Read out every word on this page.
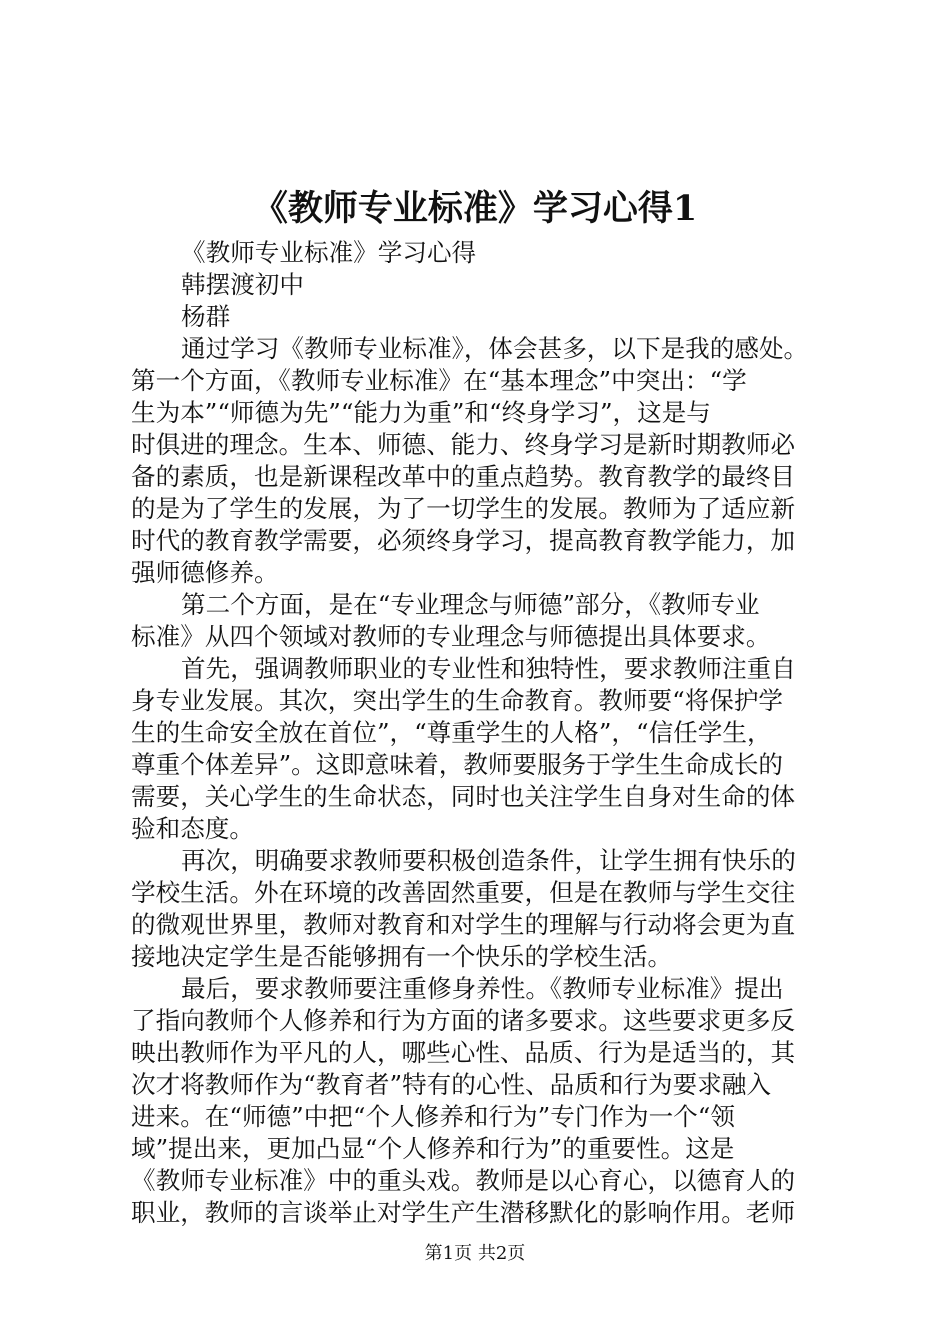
《教师专业标准》学习心得1
《教师专业标准》学习心得
韩摆渡初中
杨群
通过学习《教师专业标准》，体会甚多，以下是我的感处。
第一个方面，《教师专业标准》在“基本理念”中突出：“学
生为本”“师德为先”“能力为重”和“终身学习”，这是与
时俱进的理念。生本、师德、能力、终身学习是新时期教师必
备的素质，也是新课程改革中的重点趋势。教育教学的最终目
的是为了学生的发展，为了一切学生的发展。教师为了适应新
时代的教育教学需要，必须终身学习，提高教育教学能力，加
强师德修养。
第二个方面，是在“专业理念与师德”部分，《教师专业
标准》从四个领域对教师的专业理念与师德提出具体要求。
首先，强调教师职业的专业性和独特性，要求教师注重自
身专业发展。其次，突出学生的生命教育。教师要“将保护学
生的生命安全放在首位”，“尊重学生的人格”，“信任学生，
尊重个体差异”。这即意味着，教师要服务于学生生命成长的
需要，关心学生的生命状态，同时也关注学生自身对生命的体
验和态度。
再次，明确要求教师要积极创造条件，让学生拥有快乐的
学校生活。外在环境的改善固然重要，但是在教师与学生交往
的微观世界里，教师对教育和对学生的理解与行动将会更为直
接地决定学生是否能够拥有一个快乐的学校生活。
最后，要求教师要注重修身养性。《教师专业标准》提出
了指向教师个人修养和行为方面的诸多要求。这些要求更多反
映出教师作为平凡的人，哪些心性、品质、行为是适当的，其
次才将教师作为“教育者”特有的心性、品质和行为要求融入
进来。在“师德”中把“个人修养和行为”专门作为一个“领
域”提出来，更加凸显“个人修养和行为”的重要性。这是
《教师专业标准》中的重头戏。教师是以心育心，以德育人的
职业，教师的言谈举止对学生产生潜移默化的影响作用。老师
第1页 共2页
